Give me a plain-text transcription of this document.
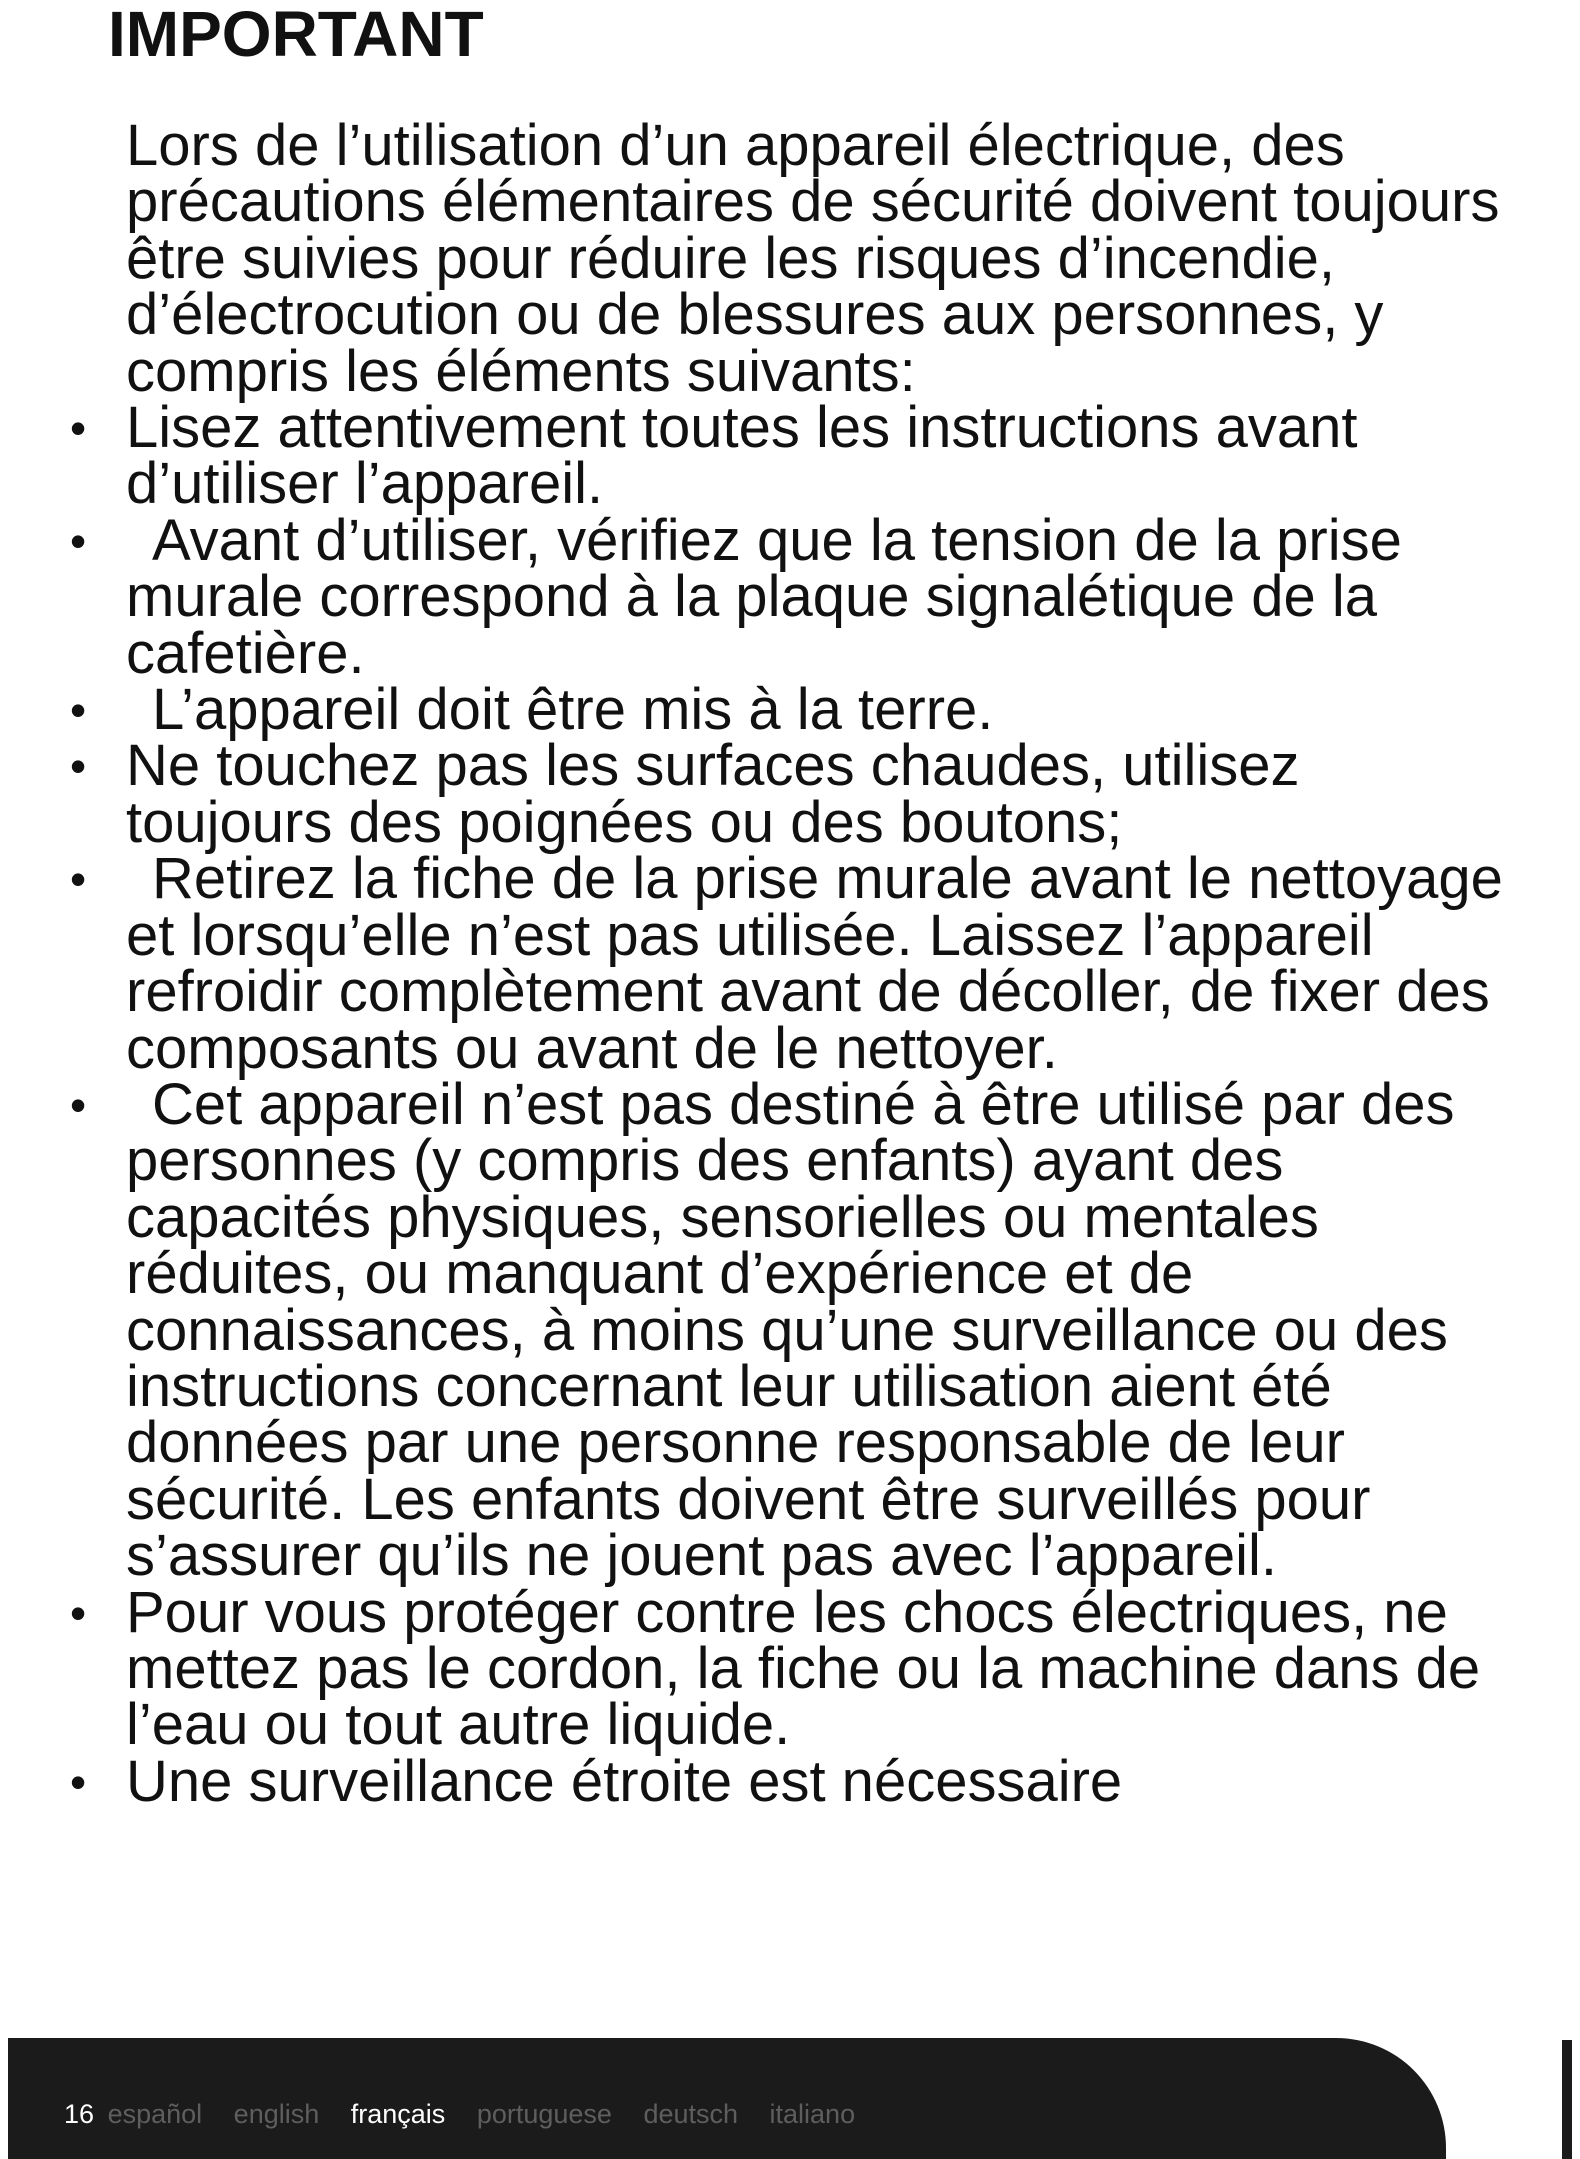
IMPORTANT

Lors de l’utilisation d’un appareil électrique, des précautions élémentaires de sécurité doivent toujours être suivies pour réduire les risques d’incendie, d’électrocution ou de blessures aux personnes, y compris les éléments suivants:

• Lisez attentivement toutes les instructions avant d’utiliser l’appareil.
• Avant d’utiliser, vérifiez que la tension de la prise murale correspond à la plaque signalétique de la cafetière.
• L’appareil doit être mis à la terre.
• Ne touchez pas les surfaces chaudes, utilisez toujours des poignées ou des boutons;
• Retirez la fiche de la prise murale avant le nettoyage et lorsqu’elle n’est pas utilisée. Laissez l’appareil refroidir complètement avant de décoller, de fixer des composants ou avant de le nettoyer.
• Cet appareil n’est pas destiné à être utilisé par des personnes (y compris des enfants) ayant des capacités physiques, sensorielles ou mentales réduites, ou manquant d’expérience et de connaissances, à moins qu’une surveillance ou des instructions concernant leur utilisation aient été données par une personne responsable de leur sécurité. Les enfants doivent être surveillés pour s’assurer qu’ils ne jouent pas avec l’appareil.
• Pour vous protéger contre les chocs électriques, ne mettez pas le cordon, la fiche ou la machine dans de l’eau ou tout autre liquide.
• Une surveillance étroite est nécessaire
16 español english français portuguese deutsch italiano
